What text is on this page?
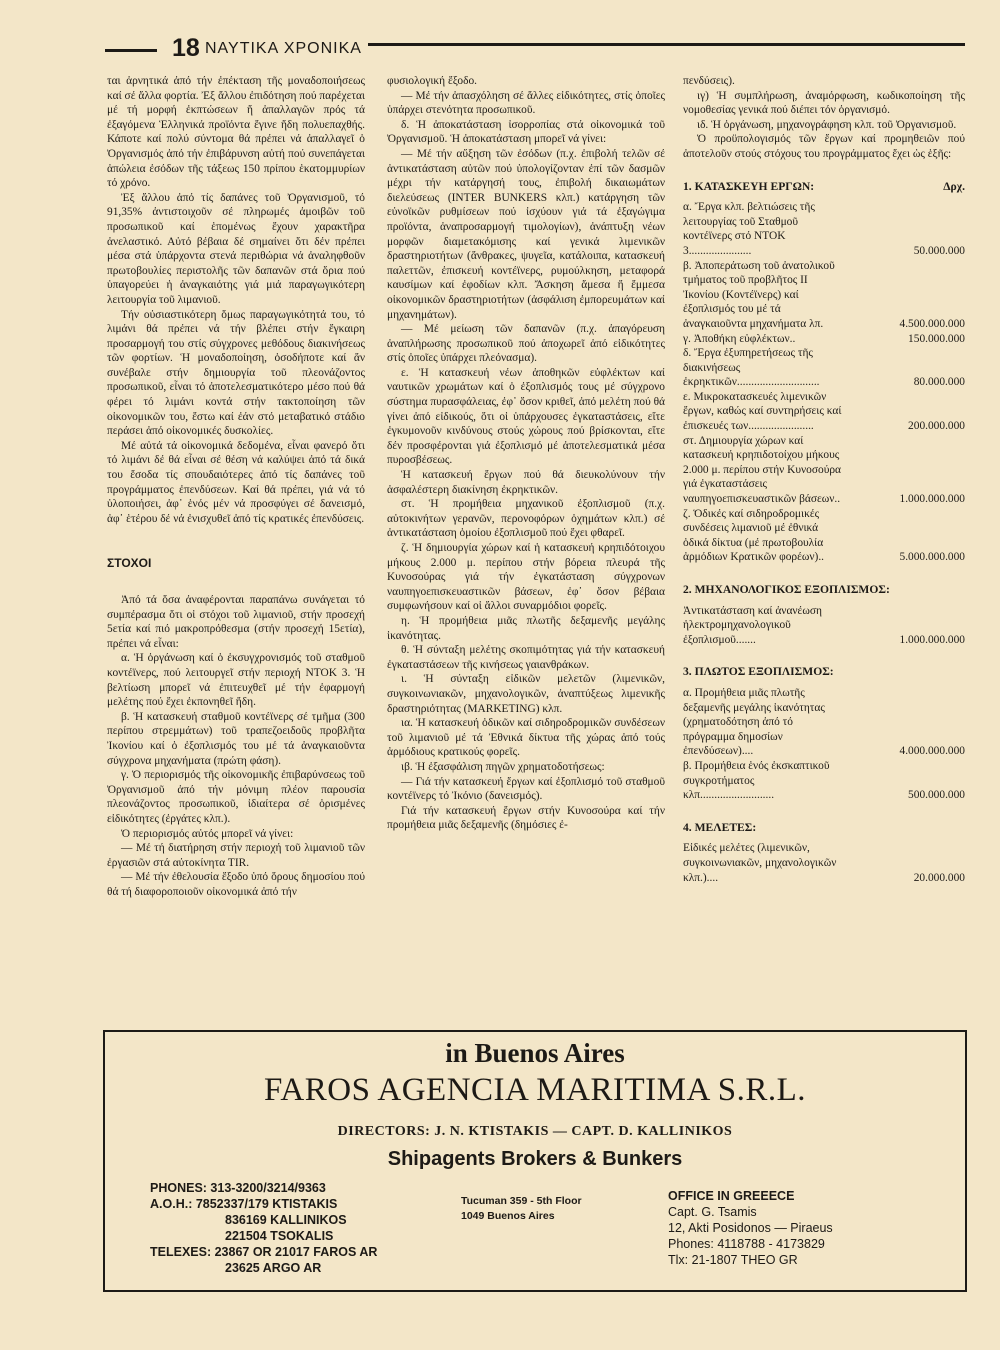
18 ΝΑΥΤΙΚΑ ΧΡΟΝΙΚΑ

ται ἀρνητικά ἀπό τήν ἐπέκταση τῆς μοναδοποιήσεως καί σέ ἄλλα φορτία. Ἐξ ἄλλου ἐπιδότηση πού παρέχεται μέ τή μορφή ἐκπτώσεων ἤ ἀπαλλαγῶν πρός τά ἐξαγόμενα Ἑλληνικά προϊόντα ἔγινε ἤδη πολυεπαχθής. Κάποτε καί πολύ σύντομα θά πρέπει νά ἀπαλλαγεῖ ὁ Ὀργανισμός ἀπό τήν ἐπιβάρυνση αὐτή πού συνεπάγεται ἀπώλεια ἐσόδων τῆς τάξεως 150 πρίπου ἑκατομμυρίων τό χρόνο.

Ἐξ ἄλλου ἀπό τίς δαπάνες τοῦ Ὀργανισμοῦ, τό 91,35% ἀντιστοιχοῦν σέ πληρωμές ἀμοιβῶν τοῦ προσωπικοῦ καί ἑπομένως ἔχουν χαρακτῆρα ἀνελαστικό. Αὐτό βέβαια δέ σημαίνει ὅτι δέν πρέπει μέσα στά ὑπάρχοντα στενά περιθώρια νά ἀναληφθοῦν πρωτοβουλίες περιστολῆς τῶν δαπανῶν στά ὅρια πού ὑπαγορεύει ἡ ἀναγκαιότης γιά μιά παραγωγικότερη λειτουργία τοῦ λιμανιοῦ.

Τήν οὐσιαστικότερη ὅμως παραγωγικότητά του, τό λιμάνι θά πρέπει νά τήν βλέπει στήν ἔγκαιρη προσαρμογή του στίς σύγχρονες μεθόδους διακινήσεως τῶν φορτίων. Ἡ μοναδοποίηση, ὁσοδήποτε καί ἄν συνέβαλε στήν δημιουργία τοῦ πλεονάζοντος προσωπικοῦ, εἶναι τό ἀποτελεσματικότερο μέσο πού θά φέρει τό λιμάνι κοντά στήν τακτοποίηση τῶν οἰκονομικῶν του, ἔστω καί ἐάν στό μεταβατικό στάδιο περάσει ἀπό οἰκονομικές δυσκολίες.

Μέ αὐτά τά οἰκονομικά δεδομένα, εἶναι φανερό ὅτι τό λιμάνι δέ θά εἶναι σέ θέση νά καλύψει ἀπό τά δικά του ἔσοδα τίς σπουδαιότερες ἀπό τίς δαπάνες τοῦ προγράμματος ἐπενδύσεων. Καί θά πρέπει, γιά νά τό ὑλοποιήσει, ἀφ᾽ ἑνός μέν νά προσφύγει σέ δανεισμό, ἀφ᾽ ἑτέρου δέ νά ἐνισχυθεῖ ἀπό τίς κρατικές ἐπενδύσεις.

ΣΤΟΧΟΙ

Ἀπό τά ὅσα ἀναφέρονται παραπάνω συνάγεται τό συμπέρασμα ὅτι οἱ στόχοι τοῦ λιμανιοῦ, στήν προσεχή 5ετία καί πιό μακροπρόθεσμα (στήν προσεχή 15ετία), πρέπει νά εἶναι:

α. Ἡ ὀργάνωση καί ὁ ἐκσυγχρονισμός τοῦ σταθμοῦ κοντέϊνερς, πού λειτουργεῖ στήν περιοχή ΝΤΟΚ 3. Ἡ βελτίωση μπορεῖ νά ἐπιτευχθεῖ μέ τήν ἐφαρμογή μελέτης πού ἔχει ἐκπονηθεῖ ἤδη.

β. Ἡ κατασκευή σταθμοῦ κοντέϊνερς σέ τμῆμα (300 περίπου στρεμμάτων) τοῦ τραπεζοειδοῦς προβλῆτα Ἰκονίου καί ὁ ἐξοπλισμός του μέ τά ἀναγκαιοῦντα σύγχρονα μηχανήματα (πρώτη φάση).

γ. Ὁ περιορισμός τῆς οἰκονομικῆς ἐπιβαρύνσεως τοῦ Ὀργανισμοῦ ἀπό τήν μόνιμη πλέον παρουσία πλεονάζοντος προσωπικοῦ, ἰδιαίτερα σέ ὁρισμένες εἰδικότητες (ἐργάτες κλπ.).

Ὁ περιορισμός αὐτός μπορεῖ νά γίνει:

— Μέ τή διατήρηση στήν περιοχή τοῦ λιμανιοῦ τῶν ἐργασιῶν στά αὐτοκίνητα TIR.

— Μέ τήν ἐθελουσία ἔξοδο ὑπό ὅρους δημοσίου πού θά τή διαφοροποιοῦν οἰκονομικά ἀπό τήν

φυσιολογική ἔξοδο.

— Μέ τήν ἀπασχόληση σέ ἄλλες εἰδικότητες, στίς ὁποῖες ὑπάρχει στενότητα προσωπικοῦ.

δ. Ἡ ἀποκατάσταση ἰσορροπίας στά οἰκονομικά τοῦ Ὀργανισμοῦ. Ἡ ἀποκατάσταση μπορεῖ νά γίνει:

— Μέ τήν αὔξηση τῶν ἐσόδων (π.χ. ἐπιβολή τελῶν σέ ἀντικατάσταση αὐτῶν πού ὑπολογίζονταν ἐπί τῶν δασμῶν μέχρι τήν κατάργησή τους, ἐπιβολή δικαιωμάτων διελεύσεως (INTER BUNKERS κλπ.) κατάργηση τῶν εὐνοϊκῶν ρυθμίσεων πού ἰσχύουν γιά τά ἐξαγώγιμα προϊόντα, ἀναπροσαρμογή τιμολογίων), ἀνάπτυξη νέων μορφῶν διαμετακόμισης καί γενικά λιμενικῶν δραστηριοτήτων (ἄνθρακες, ψυγεῖα, κατάλοιπα, κατασκευή παλεττῶν, ἐπισκευή κοντέϊνερς, ρυμούλκηση, μεταφορά καυσίμων καί ἐφοδίων κλπ. Ἄσκηση ἄμεσα ἤ ἔμμεσα οἰκονομικῶν δραστηριοτήτων (ἀσφάλιση ἐμπορευμάτων καί μηχανημάτων).

— Μέ μείωση τῶν δαπανῶν (π.χ. ἀπαγόρευση ἀναπλήρωσης προσωπικοῦ πού ἀποχωρεῖ ἀπό εἰδικότητες στίς ὁποῖες ὑπάρχει πλεόνασμα).

ε. Ἡ κατασκευή νέων ἀποθηκῶν εὐφλέκτων καί ναυτικῶν χρωμάτων καί ὁ ἐξοπλισμός τους μέ σύγχρονο σύστημα πυρασφάλειας, ἐφ᾽ ὅσον κριθεῖ, ἀπό μελέτη πού θά γίνει ἀπό εἰδικούς, ὅτι οἱ ὑπάρχουσες ἐγκαταστάσεις, εἴτε ἐγκυμονοῦν κινδύνους στούς χώρους πού βρίσκονται, εἴτε δέν προσφέρονται γιά ἐξοπλισμό μέ ἀποτελεσματικά μέσα πυροσβέσεως.

Ἡ κατασκευή ἔργων πού θά διευκολύνουν τήν ἀσφαλέστερη διακίνηση ἐκρηκτικῶν.

στ. Ἡ προμήθεια μηχανικοῦ ἐξοπλισμοῦ (π.χ. αὐτοκινήτων γερανῶν, περονοφόρων ὀχημάτων κλπ.) σέ ἀντικατάσταση ὁμοίου ἐξοπλισμοῦ πού ἔχει φθαρεῖ.

ζ. Ἡ δημιουργία χώρων καί ἡ κατασκευή κρηπιδότοιχου μήκους 2.000 μ. περίπου στήν βόρεια πλευρά τῆς Κυνοσούρας γιά τήν ἐγκατάσταση σύγχρονων ναυπηγοεπισκευαστικῶν βάσεων, ἐφ᾽ ὅσον βέβαια συμφωνήσουν καί οἱ ἄλλοι συναρμόδιοι φορεῖς.

η. Ἡ προμήθεια μιᾶς πλωτῆς δεξαμενῆς μεγάλης ἱκανότητας.

θ. Ἡ σύνταξη μελέτης σκοπιμότητας γιά τήν κατασκευή ἐγκαταστάσεων τῆς κινήσεως γαιανθράκων.

ι. Ἡ σύνταξη εἰδικῶν μελετῶν (λιμενικῶν, συγκοινωνιακῶν, μηχανολογικῶν, ἀναπτύξεως λιμενικῆς δραστηριότητας (MARKETING) κλπ.

ια. Ἡ κατασκευή ὁδικῶν καί σιδηροδρομικῶν συνδέσεων τοῦ λιμανιοῦ μέ τά Ἐθνικά δίκτυα τῆς χώρας ἀπό τούς ἁρμόδιους κρατικούς φορεῖς.

ιβ. Ἡ ἐξασφάλιση πηγῶν χρηματοδοτήσεως:

— Γιά τήν κατασκευή ἔργων καί ἐξοπλισμό τοῦ σταθμοῦ κοντέϊνερς τό Ἰκόνιο (δανεισμός).

Γιά τήν κατασκευή ἔργων στήν Κυνοσούρα καί τήν προμήθεια μιᾶς δεξαμενῆς (δημόσιες ἐ-

πενδύσεις).

ιγ) Ἡ συμπλήρωση, ἀναμόρφωση, κωδικοποίηση τῆς νομοθεσίας γενικά πού διέπει τόν ὀργανισμό.

ιδ. Ἡ ὀργάνωση, μηχανογράφηση κλπ. τοῦ Ὀργανισμοῦ.

Ὁ προϋπολογισμός τῶν ἔργων καί προμηθειῶν πού ἀποτελοῦν στούς στόχους του προγράμματος ἔχει ὡς ἑξῆς:

1. ΚΑΤΑΣΚΕΥΗ ΕΡΓΩΝ:	Δρχ.
α. Ἔργα κλπ. βελτιώσεις τῆς λειτουργίας τοῦ Σταθμοῦ κοντέϊνερς στό ΝΤΟΚ 3......................	50.000.000
β. Ἀποπεράτωση τοῦ ἀνατολικοῦ τμήματος τοῦ προβλῆτος ΙΙ Ἰκονίου (Κοντέϊνερς) καί ἐξοπλισμός του μέ τά ἀναγκαιοῦντα μηχανήματα λπ.	4.500.000.000
γ. Ἀποθήκη εὐφλέκτων..	150.000.000
δ. Ἔργα ἐξυπηρετήσεως τῆς διακινήσεως ἐκρηκτικῶν.............................	80.000.000
ε. Μικροκατασκευές λιμενικῶν ἔργων, καθώς καί συντηρήσεις καί ἐπισκευές των.......................	200.000.000
στ. Δημιουργία χώρων καί κατασκευή κρηπιδοτοίχου μήκους 2.000 μ. περίπου στήν Κυνοσούρα γιά ἐγκαταστάσεις ναυπηγοεπισκευαστικῶν βάσεων..	1.000.000.000
ζ. Ὁδικές καί σιδηροδρομικές συνδέσεις λιμανιοῦ μέ ἐθνικά ὁδικά δίκτυα (μέ πρωτοβουλία ἁρμόδιων Κρατικῶν φορέων)..	5.000.000.000
2. ΜΗΧΑΝΟΛΟΓΙΚΟΣ ΕΞΟΠΛΙΣΜΟΣ:
Ἀντικατάσταση καί ἀνανέωση ἠλεκτρομηχανολογικοῦ ἐξοπλισμοῦ.......	1.000.000.000
3. ΠΛΩΤΟΣ ΕΞΟΠΛΙΣΜΟΣ:
α. Προμήθεια μιᾶς πλωτῆς δεξαμενῆς μεγάλης ἱκανότητας (χρηματοδότηση ἀπό τό πρόγραμμα δημοσίων ἐπενδύσεων)....	4.000.000.000
β. Προμήθεια ἑνός ἐκσκαπτικοῦ συγκροτήματος κλπ..........................	500.000.000
4. ΜΕΛΕΤΕΣ:
Εἰδικές μελέτες (λιμενικῶν, συγκοινωνιακῶν, μηχανολογικῶν κλπ.)....	20.000.000
in Buenos Aires
FAROS AGENCIA MARITIMA S.R.L.
DIRECTORS: J. N. KTISTAKIS — CAPT. D. KALLINIKOS
Shipagents Brokers & Bunkers
PHONES: 313-3200/3214/9363
A.O.H.: 7852337/179 KTISTAKIS
836169 KALLINIKOS
221504 TSOKALIS
TELEXES: 23867 OR 21017 FAROS AR
23625 ARGO AR
Tucuman 359 - 5th Floor
1049 Buenos Aires
OFFICE IN GREEECE
Capt. G. Tsamis
12, Akti Posidonos — Piraeus
Phones: 4118788 - 4173829
Tlx: 21-1807 THEO GR
